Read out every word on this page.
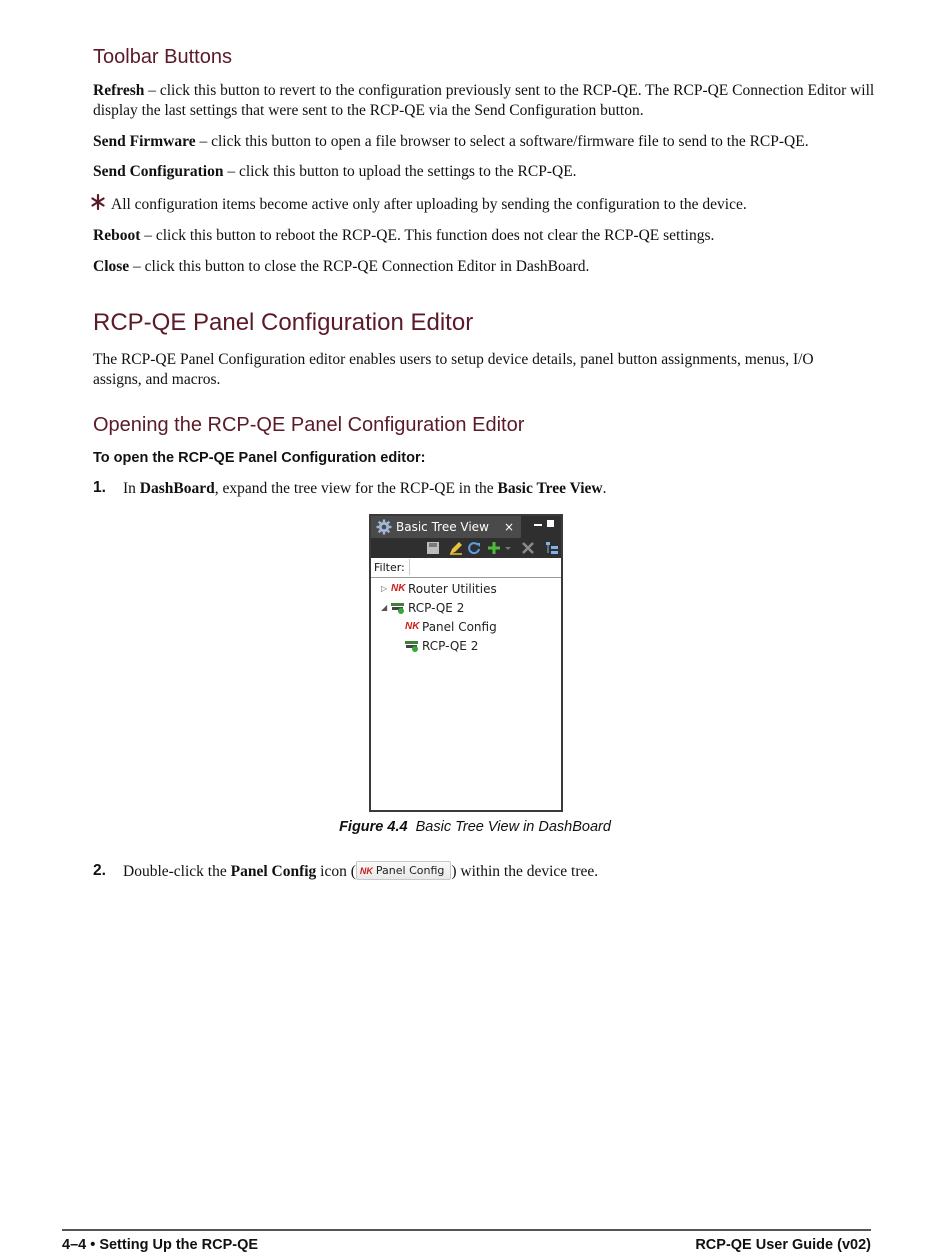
Toolbar Buttons

Refresh – click this button to revert to the configuration previously sent to the RCP-QE. The RCP-QE Connection Editor will display the last settings that were sent to the RCP-QE via the Send Configuration button.

Send Firmware – click this button to open a file browser to select a software/firmware file to send to the RCP-QE.

Send Configuration – click this button to upload the settings to the RCP-QE.

All configuration items become active only after uploading by sending the configuration to the device.

Reboot – click this button to reboot the RCP-QE. This function does not clear the RCP-QE settings.

Close – click this button to close the RCP-QE Connection Editor in DashBoard.

RCP-QE Panel Configuration Editor

The RCP-QE Panel Configuration editor enables users to setup device details, panel button assignments, menus, I/O assigns, and macros.

Opening the RCP-QE Panel Configuration Editor

To open the RCP-QE Panel Configuration editor:

1. In DashBoard, expand the tree view for the RCP-QE in the Basic Tree View.

Basic Tree View ×
Filter:
▷ NK Router Utilities
◢ RCP-QE 2
NK Panel Config
RCP-QE 2
Figure 4.4 Basic Tree View in DashBoard
2. Double-click the Panel Config icon ( NK Panel Config ) within the device tree.

4–4 • Setting Up the RCP-QE	RCP-QE User Guide (v02)
